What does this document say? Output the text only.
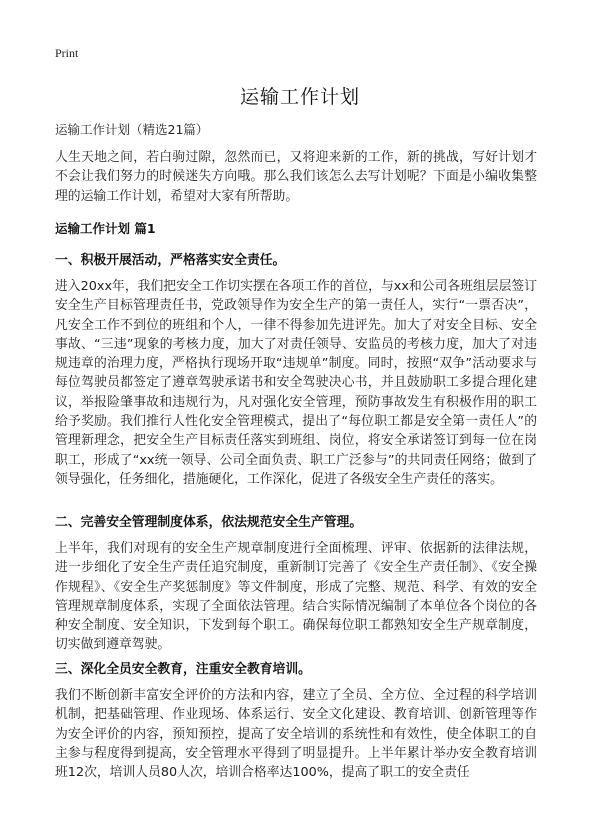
Print
运输工作计划
运输工作计划（精选21篇）

人生天地之间，若白驹过隙，忽然而已，又将迎来新的工作，新的挑战，写好计划才不会让我们努力的时候迷失方向哦。那么我们该怎么去写计划呢？下面是小编收集整理的运输工作计划，希望对大家有所帮助。

运输工作计划 篇1
一、积极开展活动，严格落实安全责任。

进入20xx年，我们把安全工作切实摆在各项工作的首位，与xx和公司各班组层层签订安全生产目标管理责任书，党政领导作为安全生产的第一责任人，实行“一票否决”，凡安全工作不到位的班组和个人，一律不得参加先进评先。加大了对安全目标、安全事故、“三违”现象的考核力度，加大了对责任领导、安监员的考核力度，加大了对违规违章的治理力度，严格执行现场开取“违规单”制度。同时，按照“双争”活动要求与每位驾驶员都签定了遵章驾驶承诺书和安全驾驶决心书，并且鼓励职工多提合理化建议，举报险肇事故和违规行为，凡对强化安全管理，预防事故发生有积极作用的职工给予奖励。我们推行人性化安全管理模式，提出了“每位职工都是安全第一责任人”的管理新理念，把安全生产目标责任落实到班组、岗位，将安全承诺签订到每一位在岗职工，形成了“xx统一领导、公司全面负责、职工广泛参与”的共同责任网络；做到了领导强化，任务细化，措施硬化，工作深化，促进了各级安全生产责任的落实。

二、完善安全管理制度体系，依法规范安全生产管理。

上半年，我们对现有的安全生产规章制度进行全面梳理、评审、依据新的法律法规，进一步细化了安全生产责任追究制度，重新制订完善了《安全生产责任制》、《安全操作规程》、《安全生产奖惩制度》等文件制度，形成了完整、规范、科学、有效的安全管理规章制度体系，实现了全面依法管理。结合实际情况编制了本单位各个岗位的各种安全制度、安全知识，下发到每个职工。确保每位职工都熟知安全生产规章制度，切实做到遵章驾驶。

三、深化全员安全教育，注重安全教育培训。

我们不断创新丰富安全评价的方法和内容，建立了全员、全方位、全过程的科学培训机制，把基础管理、作业现场、体系运行、安全文化建设、教育培训、创新管理等作为安全评价的内容，预知预控，提高了安全培训的系统性和有效性，使全体职工的自主参与程度得到提高，安全管理水平得到了明显提升。上半年累计举办安全教育培训班12次，培训人员80人次，培训合格率达100%，提高了职工的安全责任
